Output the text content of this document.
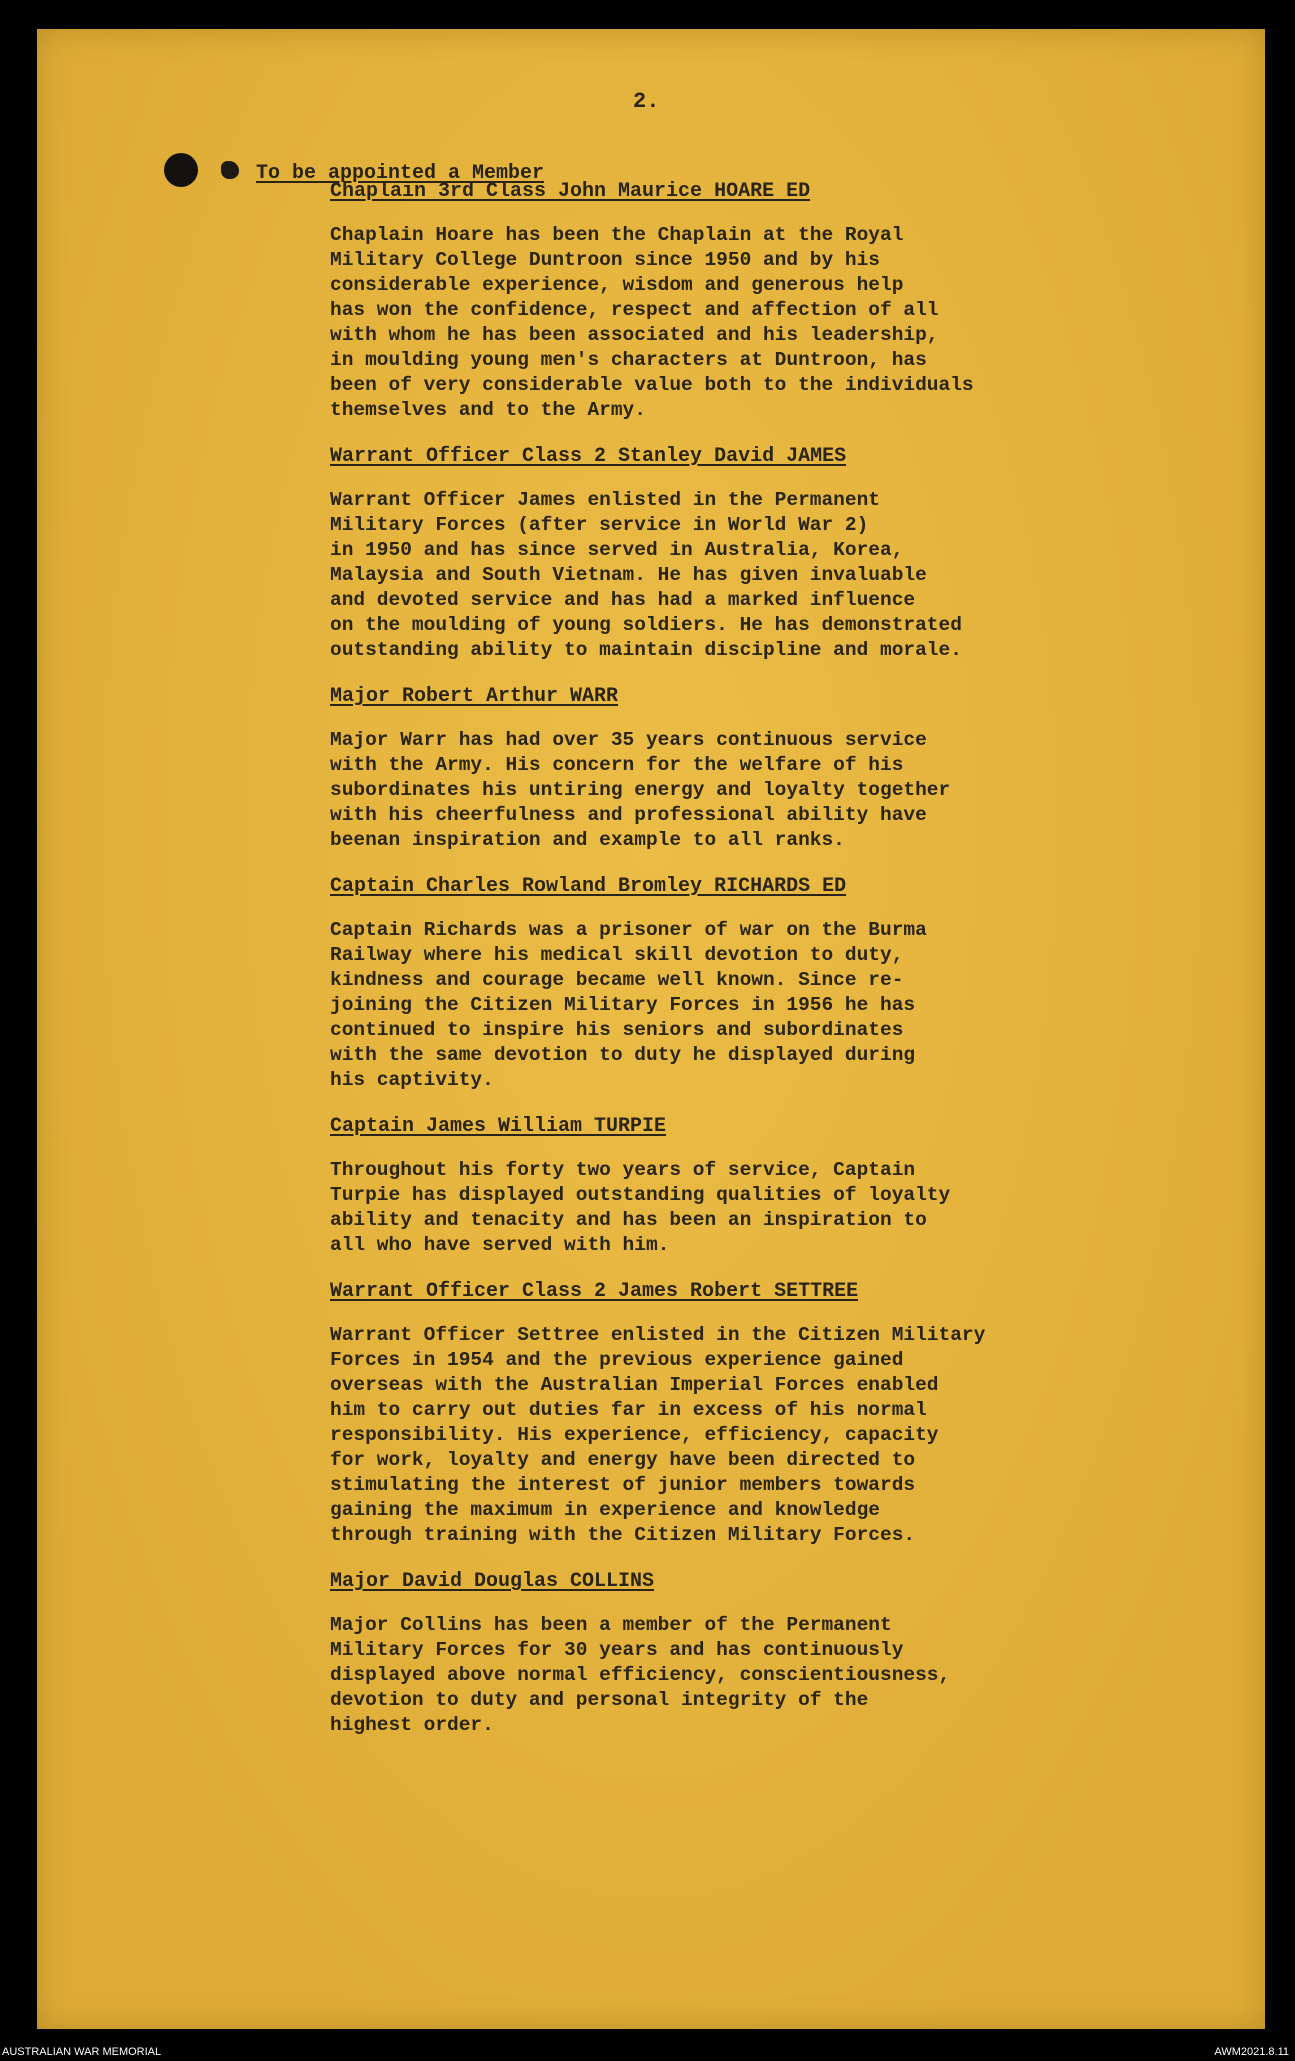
2.
To be appointed a Member
Chaplain 3rd Class John Maurice HOARE ED
Chaplain Hoare has been the Chaplain at the Royal
Military College Duntroon since 1950 and by his
considerable experience, wisdom and generous help
has won the confidence, respect and affection of all
with whom he has been associated and his leadership,
in moulding young men's characters at Duntroon, has
been of very considerable value both to the individuals
themselves and to the Army.
Warrant Officer Class 2 Stanley David JAMES
Warrant Officer James enlisted in the Permanent
Military Forces (after service in World War 2)
in 1950 and has since served in Australia, Korea,
Malaysia and South Vietnam. He has given invaluable
and devoted service and has had a marked influence
on the moulding of young soldiers. He has demonstrated
outstanding ability to maintain discipline and morale.
Major Robert Arthur WARR
Major Warr has had over 35 years continuous service
with the Army. His concern for the welfare of his
subordinates his untiring energy and loyalty together
with his cheerfulness and professional ability have
beenan inspiration and example to all ranks.
Captain Charles Rowland Bromley RICHARDS ED
Captain Richards was a prisoner of war on the Burma
Railway where his medical skill devotion to duty,
kindness and courage became well known. Since re-
joining the Citizen Military Forces in 1956 he has
continued to inspire his seniors and subordinates
with the same devotion to duty he displayed during
his captivity.
Captain James William TURPIE
Throughout his forty two years of service, Captain
Turpie has displayed outstanding qualities of loyalty
ability and tenacity and has been an inspiration to
all who have served with him.
Warrant Officer Class 2 James Robert SETTREE
Warrant Officer Settree enlisted in the Citizen Military
Forces in 1954 and the previous experience gained
overseas with the Australian Imperial Forces enabled
him to carry out duties far in excess of his normal
responsibility. His experience, efficiency, capacity
for work, loyalty and energy have been directed to
stimulating the interest of junior members towards
gaining the maximum in experience and knowledge
through training with the Citizen Military Forces.
Major David Douglas COLLINS
Major Collins has been a member of the Permanent
Military Forces for 30 years and has continuously
displayed above normal efficiency, conscientiousness,
devotion to duty and personal integrity of the
highest order.
AUSTRALIAN WAR MEMORIAL	AWM2021.8.11
